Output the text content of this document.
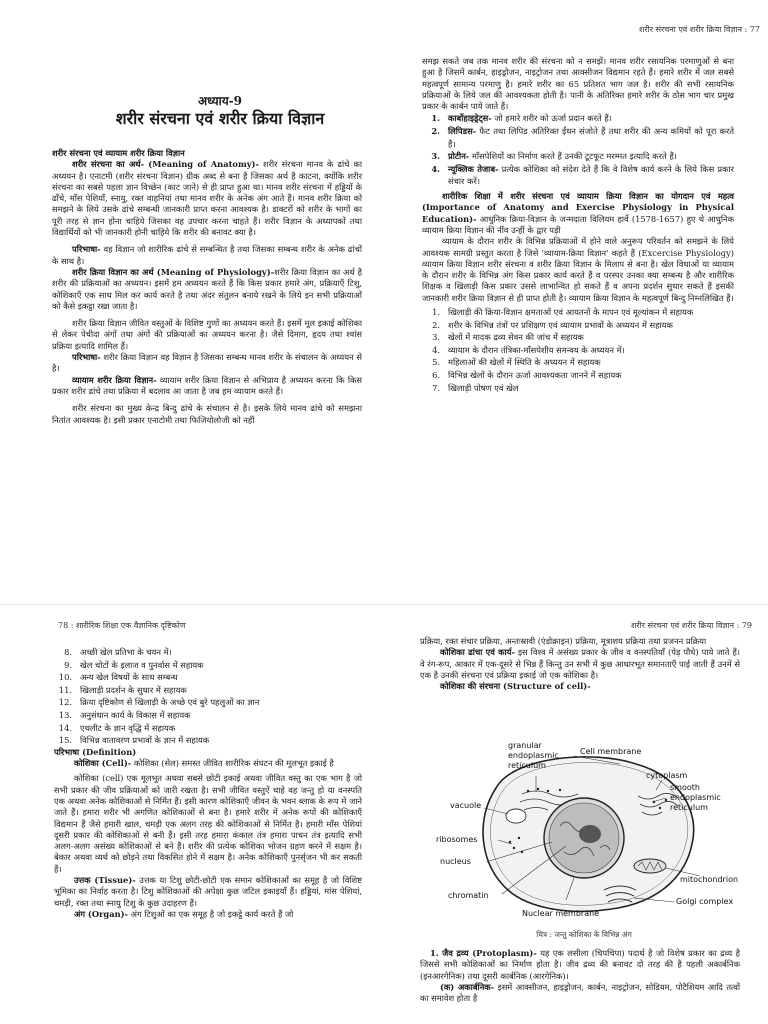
शरीर संरचना एवं शरीर क्रिया विज्ञान : 77
अध्याय-9
शरीर संरचना एवं शरीर क्रिया विज्ञान

शरीर संरचना एवं व्यायाम शरीर क्रिया विज्ञान

शरीर संरचना का अर्थ- (Meaning of Anatomy)- शरीर संरचना मानव के ढांचे का अध्ययन है। एनाटमी (शरीर संरचना विज्ञान) ग्रीक अब्द से बना है जिसका अर्थ है काटना, क्योंकि शरीर संरचना का सबसे पहला ज्ञान विच्छेन (काट जाने) से ही प्राप्त हुआ था। मानव शरीर संरचना में हड्डियों के ढाँचे, माँस पेशियाँ, स्नायु, रक्त वाहनियां तथा मानव शरीर के अनेक अंग आते हैं। मानव शरीर क्रिया को समझने के लिये उसके ढांचे सम्बन्धी जानकारी प्राप्त करना आवश्यक है। डाक्टरों को शरीर के भागों का पूरी तरह से ज्ञान होना चाहिये जिसका वह उपचार करना चाहते हैं। शरीर विज्ञान के अध्यापकों तथा विद्यार्थियों को भी जानकारी होनी चाहिये कि शरीर की बनावट क्या है।

परिभाषा- वह विज्ञान जो शारीरिक ढांचे से सम्बन्धित है तथा जिसका सम्बन्ध शरीर के अनेक ढांचों के साथ है।

शरीर क्रिया विज्ञान का अर्थ (Meaning of Physiology)-शरीर क्रिया विज्ञान का अर्थ है शरीर की प्रक्रियाओं का अध्ययन। इसमें हम अध्ययन करते हैं कि किस प्रकार हमारे अंग, प्रक्रियाएँ टिशु, कोशिकाएँ एक साथ मिल कर कार्य करते है तथा अंदर संतुलन बनाये रखने के लिये इन सभी प्रक्रियाओं को कैसे इकट्ठा रखा जाता है।

शरीर क्रिया विज्ञान जीवित वस्तुओं के विशिष्ट गुणों का अध्ययन करते हैं। इसमें मूल इकाई कोशिका से लेकर पेचीदा अंगों तथा अंगों की प्रक्रियाओं का अध्ययन करना है। जैसे दिमाग, हृदय तथा श्वांस प्रक्रिया इत्यादि शामिल हैं।

परिभाषा- शरीर क्रिया विज्ञान वह विज्ञान है जिसका सम्बन्ध मानव शरीर के संचालन के अध्ययन से है।

व्यायाम शरीर क्रिया विज्ञान- व्यायाम शरीर क्रिया विज्ञान से अभिप्राय है अध्ययन करना कि किस प्रकार शरीर ढांचे तथा प्रक्रिया में बदलाव आ जाता है जब हम व्यायाम करते हैं।

शरीर संरचना का मुख्य केन्द्र बिन्दु ढांचे के संचालन से है। इसके लिये मानव ढांचे को समझना नितांत आवश्यक है। इसी प्रकार एनाटोमी तथा फिजियोलोजी को नहीं

समझ सकते जब तक मानव शरीर की संरचना को न समझें। मानव शरीर रसायनिक परमाणुओं से बना हुआ है जिसमें कार्बन, हाइड्रोजन, नाइट्रोजन तथा आक्सीजन विद्यमान रहते हैं। हमारे शरीर में जल सबसे महत्वपूर्ण सामान्य परमाणु है। हमारे शरीर का 65 प्रतिशत भाग जल है। शरीर की सभी रसायनिक प्रक्रियाओं के लिये जल की आवश्यकता होती है। पानी के अतिरिक्त हमारे शरीर के ठोस भाग चार प्रमुख प्रकार के कार्बन पाये जाते हैं।

1. कार्बोहाइड्रेट्स- जो हमारे शरीर को ऊर्जा प्रदान करते हैं।
2. लिपिडस- फैट तथा लिपिड अतिरिक्त ईंधन संजोते हैं तथा शरीर की अन्य कमियों को पूरा करते हैं।
3. प्रोटीन- माँसपेशियों का निर्माण करते हैं उनकी टूटफूट मरम्मत इत्यादि करते हैं।
4. न्यूक्लिक तेजाब- प्रत्येक कोशिका को संदेश देते हैं कि वे विशेष कार्य करने के लिये किस प्रकार संचार करें।

शारीरिक शिक्षा में शरीर संरचना एवं व्यायाम क्रिया विज्ञान का योगदान एवं महत्व (Importance of Anatomy and Exercise Physiology in Physical Education)- आधुनिक क्रिया-विज्ञान के जन्मदाता विलियम हार्वे (1578-1657) हुए थे आधुनिक व्यायाम क्रिया विज्ञान की नींव उन्हीं के द्वार पड़ी

व्यायाम के दौरान शरीर के विभिन्न प्रक्रियाओं में होने वाले अनुरूप परिवर्तन को समझने के लिये आवश्यक सामग्री प्रस्तुत करता है जिसे 'व्यायाम-क्रिया विज्ञान' कहते हैं (Excercise Physiology) व्यायाम क्रिया विज्ञान शरीर संरचना व शरीर क्रिया विज्ञान के मिलाप से बना है। खेल विधाओं या व्यायाम के दौरान शरीर के विभिन्न अंग किस प्रकार कार्य करते हैं व परस्पर उनका क्या सम्बन्ध है और शारीरिक शिक्षक व खिलाड़ी किस प्रकार उससे लाभान्वित हो सकते हैं व अपना प्रदर्शन सुधार सकते हैं इसकी जानकारी शरीर क्रिया विज्ञान से ही प्राप्त होती है। व्यायाम क्रिया विज्ञान के महत्वपूर्ण बिन्दु निम्नलिखित हैं।

1. खिलाड़ी की क्रिया-विज्ञान क्षमताओं एवं आयतनों के मापन एवं मूल्यांकन में सहायक
2. शरीर के विभिन्न तंत्रों पर प्रशिक्षण एवं व्यायाम प्रभावों के अध्ययन में सहायक
3. खेलों में मादक द्रव्य सेवन की जांच में सहायक
4. व्यायाम के दौरान तंत्रिका-माँसपेशीय समन्वय के अध्ययन में।
5. महिलाओं की खेलों में स्थिति के अध्ययन में सहायक
6. विभिन्न खेलों के दौरान ऊर्जा आवश्यकता जानने में सहायक
7. खिलाड़ी पोषण एवं खेल
78 : शारीरिक शिक्षा एक वैज्ञानिक दृष्टिकोण
8. अच्छी खेल प्रतिभा के चयन में।
9. खेल चोटों के इलाज व पुनर्वास में सहायक
10. अन्य खेल विषयों के साथ सम्बन्ध
11. खिलाड़ी प्रदर्शन के सुधार में सहायक
12. क्रिया दृष्टिकोण से खिलाड़ी के अच्छे एवं बुरे पहलुओं का ज्ञान
13. अनुसंधान कार्य के विकास में सहायक
14. एथलीट के ज्ञान वृद्धि में सहायक
15. विभिन्न वातावरण प्रभावों के ज्ञान में सहायक

परिभाषा (Definition)

कोशिका (Cell)- कोशिका (सेल) समस्त जीवित शारीरिक संघटन की मूलभूत इकाई है

कोशिका (cell) एक मूलभूत अथवा सबसे छोटी इकाई अथवा जीवित वस्तु का एक भाग है जो सभी प्रकार की जीव प्रक्रियाओं को जारी रखता है। सभी जीवित वस्तुऐं चाहे वह जन्तु हो या वनस्पति एक अथवा अनेक कोशिकाओं से निर्मित हैं। इसी कारण कोशिकाएँ जीवन के भवन ब्लाक के रूप में जाने जाते हैं। हमारा शरीर भी अगणित कोशिकाओं से बना है। हमारे शरीर में अनेक रूपों की कोशिकाएँ विद्यमान हैं जैसे हमारी खाल, चमड़ी एक अलग तरह की कोशिकाओं से निर्मित है। हमारी माँस पेशियां दूसरी प्रकार की कोशिकाओं से बनी हैं। इसी तरह हमारा कंकाल तंत्र हमारा पाचन तंत्र इत्यादि सभी अलग-अलग असंख्य कोशिकाओं से बने हैं। शरीर की प्रत्येक कोशिका भोजन ग्रहण करने में सक्षम है। बेकार अथवा व्यर्थ को छोड़ने तथा विकसित होने में सक्षम है। अनेक कोशिकाएँ पुनर्सृजन भी कर सकती हैं।

उत्तक (Tissue)- उत्तक या टिशु छोटी-छोटी एक समान कोशिकाओं का समूह है जो विशिष्ट भूमिका का निर्वाह करता है। टिशु कोशिकाओं की अपेक्षा कुछ जटिल इकाइयाँ हैं। हड्डियां, मांस पेशियां, चमड़ी, रक्त तथा स्नायु टिशु के कुछ उदाहरण हैं।

अंग (Organ)- अंग टिशुओं का एक समूह है जो इकट्ठे कार्य करते हैं जो

शरीर संरचना एवं शरीर क्रिया विज्ञान : 79

प्रक्रिया, रक्त संचार प्रक्रिया, अन्तःस्रावी (एंडोक्राइन) प्रक्रिया, मूत्राशय प्रक्रिया तथा प्रजनन प्रक्रिया

कोशिका ढांचा एवं कार्य- इस विश्व में असंख्य प्रकार के जीव व वनस्पतियाँ (पेड़ पौधे) पाये जाते हैं। वे रंग-रूप, आकार में एक-दूसरे से भिन्न हैं किन्तु उन सभी में कुछ आधारभूत समानताएँ पाई जाती हैं उनमें से एक है उनकी संरचना एवं प्रक्रिया इकाई जो एक कोशिका है।

कोशिका की संरचना (Structure of cell)-

granular
endoplasmic
reticulum
Cell membrane
cytoplasm
vacuole
smooth
endoplasmic
reticulum
ribosomes
nucleus
mitochondrion
chromatin
Golgi complex
Nuclear membrane
चित्र : जन्तु कोशिका के विभिन्न अंग

1. जैव द्रव्य (Protoplasm)- यह एक लसीला (चिपचिपा) पदार्थ है जो विशेष प्रकार का द्रव्य है जिससे सभी कोशिकाओं का निर्माण होता है। जीव द्रव्य की बनावट दो तरह की है पहली अकार्बनिक (इनआरगेनिक) तथा दूसरी कार्बनिक (आरगेनिक)।

(क) अकार्बनिक- इसमें आक्सीजन, हाइड्रोजन, कार्बन, नाइट्रोजन, सोडियम, पोटैशियम आदि तत्वों का समावेश होता है
